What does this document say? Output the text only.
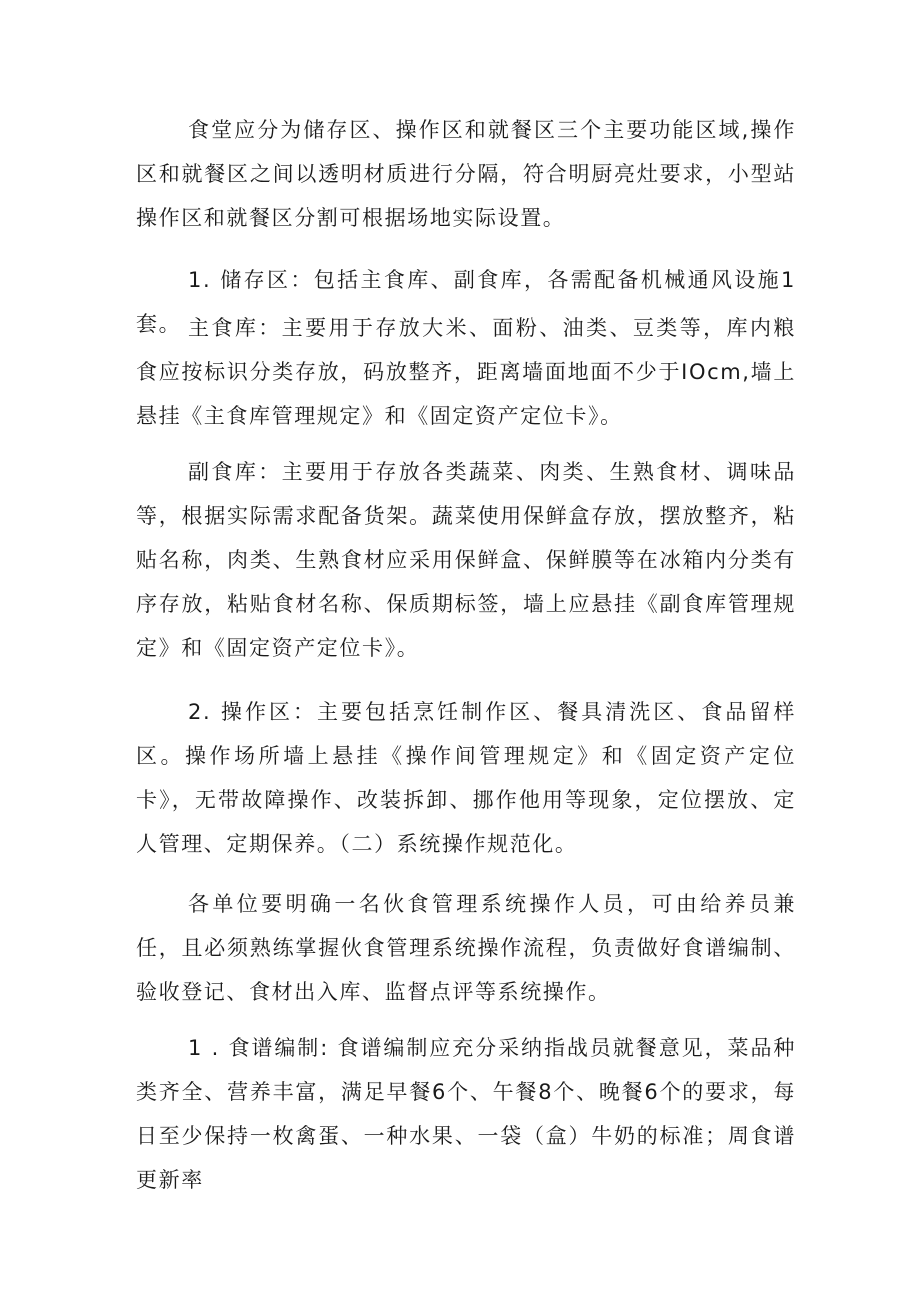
食堂应分为储存区、操作区和就餐区三个主要功能区域,操作区和就餐区之间以透明材质进行分隔，符合明厨亮灶要求，小型站操作区和就餐区分割可根据场地实际设置。

1. 储存区：包括主食库、副食库，各需配备机械通风设施1套。 主食库：主要用于存放大米、面粉、油类、豆类等，库内粮食应按标识分类存放，码放整齐，距离墙面地面不少于IOcm,墙上悬挂《主食库管理规定》和《固定资产定位卡》。

副食库：主要用于存放各类蔬菜、肉类、生熟食材、调味品等，根据实际需求配备货架。蔬菜使用保鲜盒存放，摆放整齐，粘贴名称，肉类、生熟食材应采用保鲜盒、保鲜膜等在冰箱内分类有序存放，粘贴食材名称、保质期标签，墙上应悬挂《副食库管理规定》和《固定资产定位卡》。

2. 操作区：主要包括烹饪制作区、餐具清洗区、食品留样区。操作场所墙上悬挂《操作间管理规定》和《固定资产定位卡》，无带故障操作、改装拆卸、挪作他用等现象，定位摆放、定人管理、定期保养。（二）系统操作规范化。

各单位要明确一名伙食管理系统操作人员，可由给养员兼任，且必须熟练掌握伙食管理系统操作流程，负责做好食谱编制、验收登记、食材出入库、监督点评等系统操作。

1 . 食谱编制: 食谱编制应充分采纳指战员就餐意见，菜品种类齐全、营养丰富，满足早餐6个、午餐8个、晚餐6个的要求，每日至少保持一枚禽蛋、一种水果、一袋（盒）牛奶的标准；周食谱更新率
